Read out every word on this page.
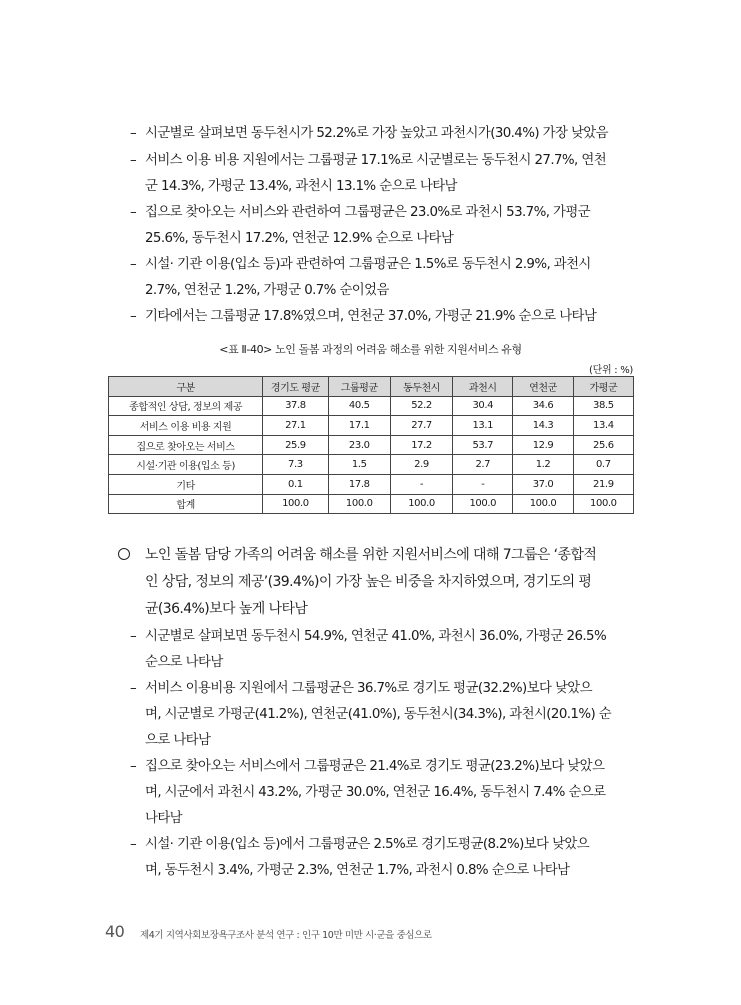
– 시군별로 살펴보면 동두천시가 52.2%로 가장 높았고 과천시가(30.4%) 가장 낮았음
– 서비스 이용 비용 지원에서는 그룹평균 17.1%로 시군별로는 동두천시 27.7%, 연천
군 14.3%, 가평군 13.4%, 과천시 13.1% 순으로 나타남
– 집으로 찾아오는 서비스와 관련하여 그룹평균은 23.0%로 과천시 53.7%, 가평군
25.6%, 동두천시 17.2%, 연천군 12.9% 순으로 나타남
– 시설· 기관 이용(입소 등)과 관련하여 그룹평균은 1.5%로 동두천시 2.9%, 과천시
2.7%, 연천군 1.2%, 가평군 0.7% 순이었음
– 기타에서는 그룹평균 17.8%였으며, 연천군 37.0%, 가평군 21.9% 순으로 나타남
<표 Ⅱ-40> 노인 돌봄 과정의 어려움 해소를 위한 지원서비스 유형
(단위 : %)
구분	경기도 평균	그룹평균	동두천시	과천시	연천군	가평군
종합적인 상담, 정보의 제공	37.8	40.5	52.2	30.4	34.6	38.5
서비스 이용 비용 지원	27.1	17.1	27.7	13.1	14.3	13.4
집으로 찾아오는 서비스	25.9	23.0	17.2	53.7	12.9	25.6
시설·기관 이용(입소 등)	7.3	1.5	2.9	2.7	1.2	0.7
기타	0.1	17.8	-	-	37.0	21.9
합계	100.0	100.0	100.0	100.0	100.0	100.0
노인 돌봄 담당 가족의 어려움 해소를 위한 지원서비스에 대해 7그룹은 ‘종합적
인 상담, 정보의 제공’(39.4%)이 가장 높은 비중을 차지하였으며, 경기도의 평
균(36.4%)보다 높게 나타남
– 시군별로 살펴보면 동두천시 54.9%, 연천군 41.0%, 과천시 36.0%, 가평군 26.5%
순으로 나타남
– 서비스 이용비용 지원에서 그룹평균은 36.7%로 경기도 평균(32.2%)보다 낮았으
며, 시군별로 가평군(41.2%), 연천군(41.0%), 동두천시(34.3%), 과천시(20.1%) 순
으로 나타남
– 집으로 찾아오는 서비스에서 그룹평균은 21.4%로 경기도 평균(23.2%)보다 낮았으
며, 시군에서 과천시 43.2%, 가평군 30.0%, 연천군 16.4%, 동두천시 7.4% 순으로
나타남
– 시설· 기관 이용(입소 등)에서 그룹평균은 2.5%로 경기도평균(8.2%)보다 낮았으
며, 동두천시 3.4%, 가평군 2.3%, 연천군 1.7%, 과천시 0.8% 순으로 나타남
40 제4기 지역사회보장욕구조사 분석 연구 : 인구 10만 미만 시·군을 중심으로
